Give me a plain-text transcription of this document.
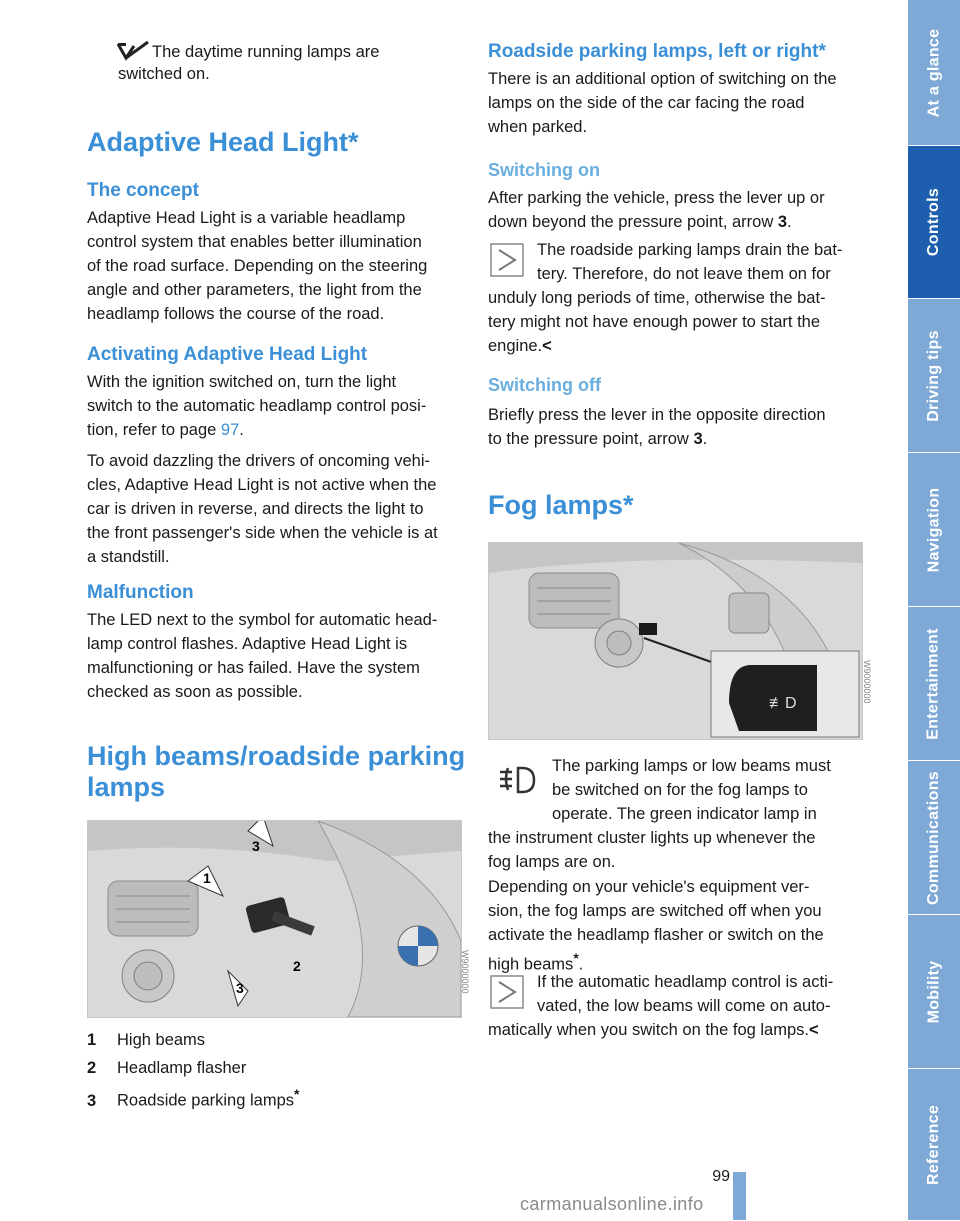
The daytime running lamps are

switched on.

Adaptive Head Light*
The concept

Adaptive Head Light is a variable headlamp

control system that enables better illumination

of the road surface. Depending on the steering

angle and other parameters, the light from the

headlamp follows the course of the road.

Activating Adaptive Head Light

With the ignition switched on, turn the light

switch to the automatic headlamp control posi-

tion, refer to page 97.

To avoid dazzling the drivers of oncoming vehi-

cles, Adaptive Head Light is not active when the

car is driven in reverse, and directs the light to

the front passenger's side when the vehicle is at

a standstill.

Malfunction

The LED next to the symbol for automatic head-

lamp control flashes. Adaptive Head Light is

malfunctioning or has failed. Have the system

checked as soon as possible.

High beams/roadside parking
lamps
1
3
3
2	W9000000
1 High beams
2 Headlamp flasher
3 Roadside parking lamps*
Roadside parking lamps, left or right*

There is an additional option of switching on the

lamps on the side of the car facing the road

when parked.

Switching on

After parking the vehicle, press the lever up or

down beyond the pressure point, arrow 3.

The roadside parking lamps drain the bat-

tery. Therefore, do not leave them on for

unduly long periods of time, otherwise the bat-

tery might not have enough power to start the

engine.<

Switching off

Briefly press the lever in the opposite direction

to the pressure point, arrow 3.

Fog lamps*
≢D	W9000000

The parking lamps or low beams must

be switched on for the fog lamps to

operate. The green indicator lamp in

the instrument cluster lights up whenever the

fog lamps are on.

Depending on your vehicle's equipment ver-

sion, the fog lamps are switched off when you

activate the headlamp flasher or switch on the

high beams*.

If the automatic headlamp control is acti-

vated, the low beams will come on auto-

matically when you switch on the fog lamps.<

At a glance
Controls
Driving tips
Navigation
Entertainment
Communications
Mobility
Reference
99
carmanualsonline.info
